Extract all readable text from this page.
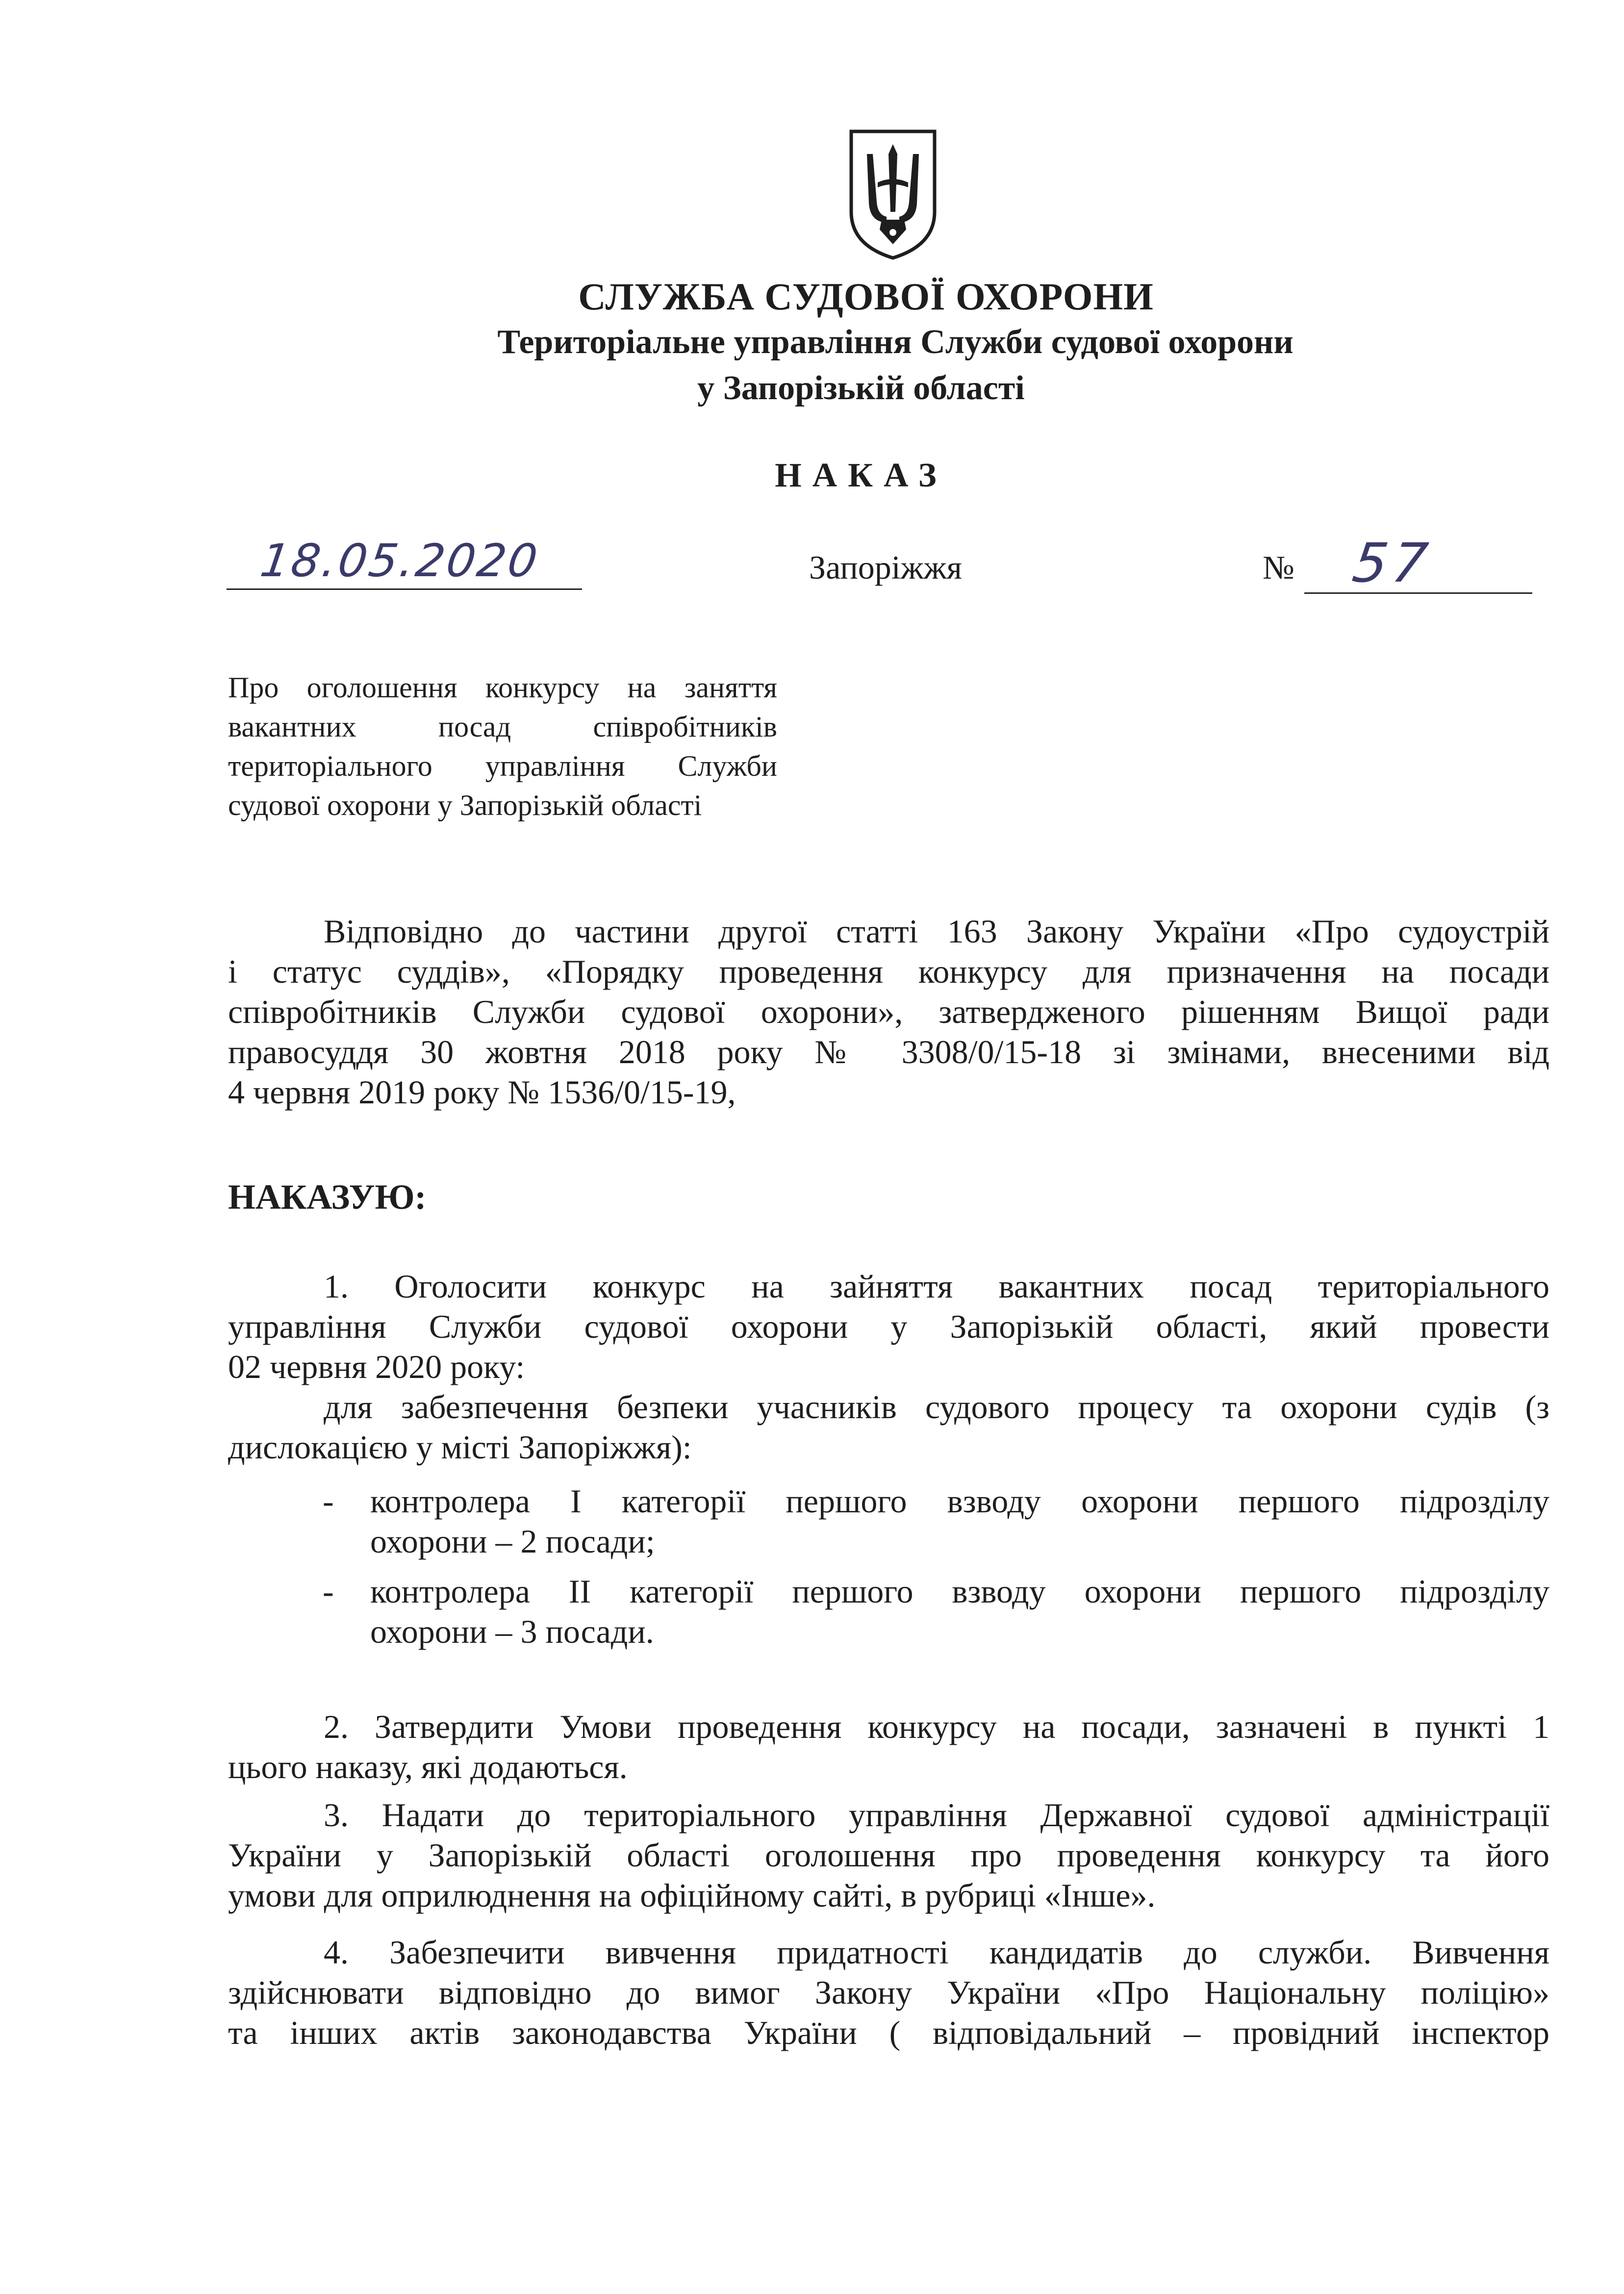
СЛУЖБА СУДОВОЇ ОХОРОНИ
Територіальне управління Служби судової охорони
у Запорізькій області
НАКАЗ
18.05.2020	Запоріжжя	№ 57
Про оголошення конкурсу на заняття
вакантних посад співробітників
територіального управління Служби
судової охорони у Запорізькій області
Відповідно до частини другої статті 163 Закону України «Про судоустрій
і статус суддів», «Порядку проведення конкурсу для призначення на посади
співробітників Служби судової охорони», затвердженого рішенням Вищої ради
правосуддя 30 жовтня 2018 року № 3308/0/15-18 зі змінами, внесеними від
4 червня 2019 року № 1536/0/15-19,
НАКАЗУЮ:
1. Оголосити конкурс на зайняття вакантних посад територіального
управління Служби судової охорони у Запорізькій області, який провести
02 червня 2020 року:
для забезпечення безпеки учасників судового процесу та охорони судів (з
дислокацією у місті Запоріжжя):
- контролера I категорії першого взводу охорони першого підрозділу
охорони – 2 посади;
- контролера II категорії першого взводу охорони першого підрозділу
охорони – 3 посади.
2. Затвердити Умови проведення конкурсу на посади, зазначені в пункті 1
цього наказу, які додаються.
3. Надати до територіального управління Державної судової адміністрації
України у Запорізькій області оголошення про проведення конкурсу та його
умови для оприлюднення на офіційному сайті, в рубриці «Інше».
4. Забезпечити вивчення придатності кандидатів до служби. Вивчення
здійснювати відповідно до вимог Закону України «Про Національну поліцію»
та інших актів законодавства України ( відповідальний – провідний інспектор
